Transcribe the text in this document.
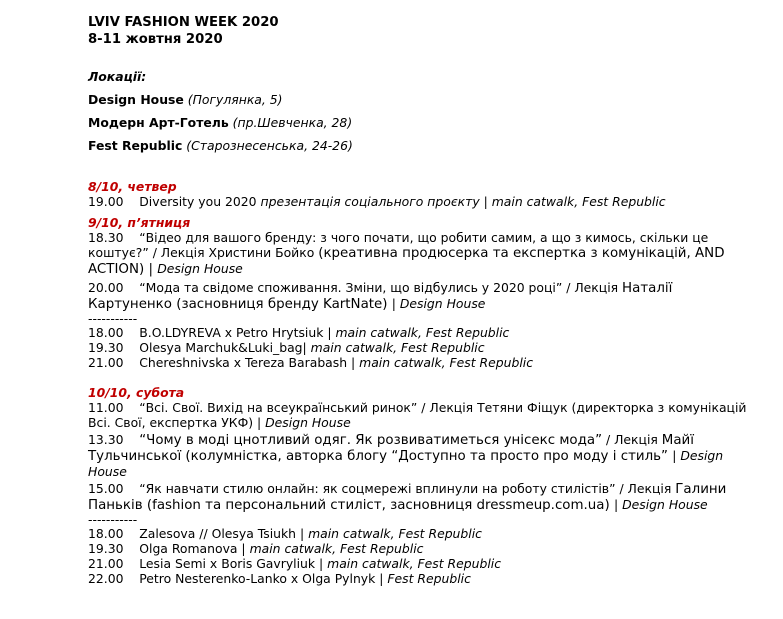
LVIV FASHION WEEK 2020
8-11 жовтня 2020
Локації:
Design House (Погулянка, 5)
Модерн Арт-Готель (пр.Шевченка, 28)
Fest Republic (Старознесенська, 24-26)
8/10, четвер
19.00 Diversity you 2020 презентація соціального проєкту | main catwalk, Fest Republic
9/10, п’ятниця
18.30 “Відео для вашого бренду: з чого почати, що робити самим, а що з кимось, скільки це коштує?” / Лекція Христини Бойко (креативна продюсерка та експертка з комунікацій, AND ACTION) | Design House
20.00 “Мода та свідоме споживання. Зміни, що відбулись у 2020 році” / Лекція Наталії Картуненко (засновниця бренду KartNate) | Design House
-----------
18.00 B.O.LDYREVA x Petro Hrytsiuk | main catwalk, Fest Republic
19.30 Olesya Marchuk&Luki_bag| main catwalk, Fest Republic
21.00 Chereshnivska x Tereza Barabash | main catwalk, Fest Republic
10/10, субота
11.00 “Всі. Свої. Вихід на всеукраїнський ринок” / Лекція Тетяни Фіщук (директорка з комунікацій Всі. Свої, експертка УКФ) | Design House
13.30 “Чому в моді цнотливий одяг. Як розвиватиметься унісекс мода” / Лекція Майї Тульчинської (колумністка, авторка блогу “Доступно та просто про моду і стиль” | Design House
15.00 “Як навчати стилю онлайн: як соцмережі вплинули на роботу стилістів” / Лекція Галини Паньків (fashion та персональний стиліст, засновниця dressmeup.com.ua) | Design House
-----------
18.00 Zalesova // Olesya Tsiukh | main catwalk, Fest Republic
19.30 Olga Romanova | main catwalk, Fest Republic
21.00 Lesia Semi x Boris Gavryliuk | main catwalk, Fest Republic
22.00 Petro Nesterenko-Lanko x Olga Pylnyk | Fest Republic
